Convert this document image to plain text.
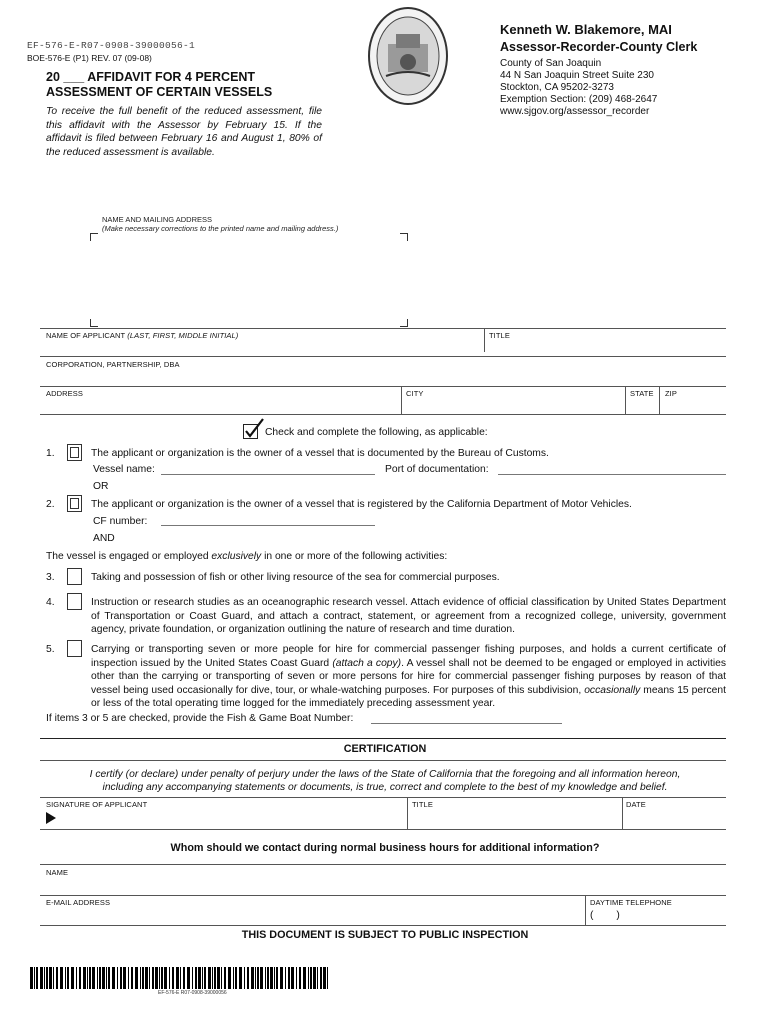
EF-576-E-R07-0908-39000056-1
BOE-576-E (P1) REV. 07 (09-08)
20 ___ AFFIDAVIT FOR 4 PERCENT
ASSESSMENT OF CERTAIN VESSELS
To receive the full benefit of the reduced assessment, file this affidavit with the Assessor by February 15. If the affidavit is filed between February 16 and August 1, 80% of the reduced assessment is available.
Kenneth W. Blakemore, MAI
Assessor-Recorder-County Clerk
County of San Joaquin
44 N San Joaquin Street Suite 230
Stockton, CA 95202-3273
Exemption Section: (209) 468-2647
www.sjgov.org/assessor_recorder
NAME AND MAILING ADDRESS
(Make necessary corrections to the printed name and mailing address.)
NAME OF APPLICANT (LAST, FIRST, MIDDLE INITIAL)	TITLE
CORPORATION, PARTNERSHIP, DBA
ADDRESS	CITY	STATE ZIP
Check and complete the following, as applicable:
1.	The applicant or organization is the owner of a vessel that is documented by the Bureau of Customs.
Vessel name:	Port of documentation:
OR
2.	The applicant or organization is the owner of a vessel that is registered by the California Department of Motor Vehicles.
CF number:
AND
The vessel is engaged or employed exclusively in one or more of the following activities:
3.	Taking and possession of fish or other living resource of the sea for commercial purposes.
4.	Instruction or research studies as an oceanographic research vessel. Attach evidence of official classification by United States Department of Transportation or Coast Guard, and attach a contract, statement, or agreement from a recognized college, university, government agency, private foundation, or organization outlining the nature of research and time duration.
5.	Carrying or transporting seven or more people for hire for commercial passenger fishing purposes, and holds a current certificate of inspection issued by the United States Coast Guard (attach a copy). A vessel shall not be deemed to be engaged or employed in activities other than the carrying or transporting of seven or more persons for hire for commercial passenger fishing purposes by reason of that vessel being used occasionally for dive, tour, or whale-watching purposes. For purposes of this subdivision, occasionally means 15 percent or less of the total operating time logged for the immediately preceding assessment year.
If items 3 or 5 are checked, provide the Fish & Game Boat Number:
CERTIFICATION
I certify (or declare) under penalty of perjury under the laws of the State of California that the foregoing and all information hereon, including any accompanying statements or documents, is true, correct and complete to the best of my knowledge and belief.
SIGNATURE OF APPLICANT	TITLE	DATE
Whom should we contact during normal business hours for additional information?
NAME
E-MAIL ADDRESS	DAYTIME TELEPHONE
(        )
THIS DOCUMENT IS SUBJECT TO PUBLIC INSPECTION
EF-576-E R07-0908-39000056
